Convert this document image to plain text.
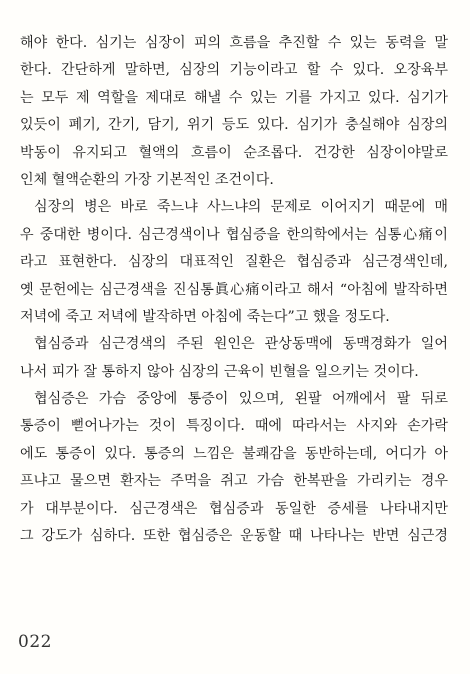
해야 한다. 심기는 심장이 피의 흐름을 추진할 수 있는 동력을 말
한다. 간단하게 말하면, 심장의 기능이라고 할 수 있다. 오장육부
는 모두 제 역할을 제대로 해낼 수 있는 기를 가지고 있다. 심기가
있듯이 폐기, 간기, 담기, 위기 등도 있다. 심기가 충실해야 심장의
박동이 유지되고 혈액의 흐름이 순조롭다. 건강한 심장이야말로
인체 혈액순환의 가장 기본적인 조건이다.
심장의 병은 바로 죽느냐 사느냐의 문제로 이어지기 때문에 매
우 중대한 병이다. 심근경색이나 협심증을 한의학에서는 심통心痛이
라고 표현한다. 심장의 대표적인 질환은 협심증과 심근경색인데,
옛 문헌에는 심근경색을 진심통眞心痛이라고 해서 “아침에 발작하면
저녁에 죽고 저녁에 발작하면 아침에 죽는다”고 했을 정도다.
협심증과 심근경색의 주된 원인은 관상동맥에 동맥경화가 일어
나서 피가 잘 통하지 않아 심장의 근육이 빈혈을 일으키는 것이다.
협심증은 가슴 중앙에 통증이 있으며, 왼팔 어깨에서 팔 뒤로
통증이 뻗어나가는 것이 특징이다. 때에 따라서는 사지와 손가락
에도 통증이 있다. 통증의 느낌은 불쾌감을 동반하는데, 어디가 아
프냐고 물으면 환자는 주먹을 쥐고 가슴 한복판을 가리키는 경우
가 대부분이다. 심근경색은 협심증과 동일한 증세를 나타내지만
그 강도가 심하다. 또한 협심증은 운동할 때 나타나는 반면 심근경
022
